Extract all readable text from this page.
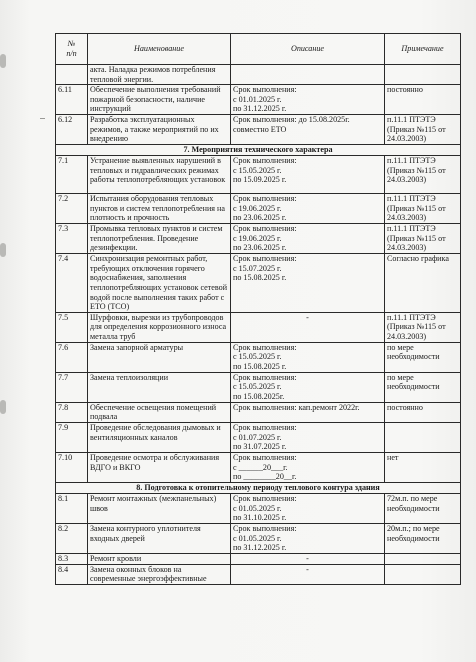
№
п/п	Наименование	Описание	Примечание
	акта. Наладка режимов потребления тепловой энергии.		
6.11	Обеспечение выполнения требований пожарной безопасности, наличие инструкций	Срок выполнения:
с 01.01.2025 г.
по 31.12.2025 г.	постоянно
6.12	Разработка эксплуатационных режимов, а также мероприятий по их внедрению	Срок выполнения: до 15.08.2025г. совместно ЕТО	п.11.1 ПТЭТЭ (Приказ №115 от 24.03.2003)
7. Мероприятия технического характера			
7.1	Устранение выявленных нарушений в тепловых и гидравлических режимах работы теплопотребляющих установок	Срок выполнения:
с 15.05.2025 г.
по 15.09.2025 г.	п.11.1 ПТЭТЭ (Приказ №115 от 24.03.2003)
7.2	Испытания оборудования тепловых пунктов и систем теплопотребления на плотность и прочность	Срок выполнения:
с 19.06.2025 г.
по 23.06.2025 г.	п.11.1 ПТЭТЭ (Приказ №115 от 24.03.2003)
7.3	Промывка тепловых пунктов и систем теплопотребления. Проведение дезинфекции.	Срок выполнения:
с 19.06.2025 г.
по 23.06.2025 г.	п.11.1 ПТЭТЭ (Приказ №115 от 24.03.2003)
7.4	Синхронизация ремонтных работ, требующих отключения горячего водоснабжения, заполнения теплопотребляющих установок сетевой водой после выполнения таких работ с ЕТО (ТСО)	Срок выполнения:
с 15.07.2025 г.
по 15.08.2025 г.	Согласно графика
7.5	Шурфовки, вырезки из трубопроводов для определения коррозионного износа металла труб	-	п.11.1 ПТЭТЭ (Приказ №115 от 24.03.2003)
7.6	Замена запорной арматуры	Срок выполнения:
с 15.05.2025 г.
по 15.08.2025 г.	по мере необходимости
7.7	Замена теплоизоляции	Срок выполнения:
с 15.05.2025 г.
по 15.08.2025г.	по мере необходимости
7.8	Обеспечение освещения помещений подвала	Срок выполнения: кап.ремонт 2022г.	постоянно
7.9	Проведение обследования дымовых и вентиляционных каналов	Срок выполнения:
с 01.07.2025 г.
по 31.07.2025 г.	
7.10	Проведение осмотра и обслуживания ВДГО и ВКГО	Срок выполнения:
с ______20___г.
по ________20__г.	нет
8. Подготовка к отопительному периоду теплового контура здания			
8.1	Ремонт монтажных (межпанельных) швов	Срок выполнения:
с 01.05.2025 г.
по 31.10.2025 г.	72м.п. по мере необходимости
8.2	Замена контурного уплотнителя входных дверей	Срок выполнения:
с 01.05.2025 г.
по 31.12.2025 г.	20м.п.; по мере необходимости
8.3	Ремонт кровли	-	
8.4	Замена оконных блоков на современные энергоэффективные	-	
